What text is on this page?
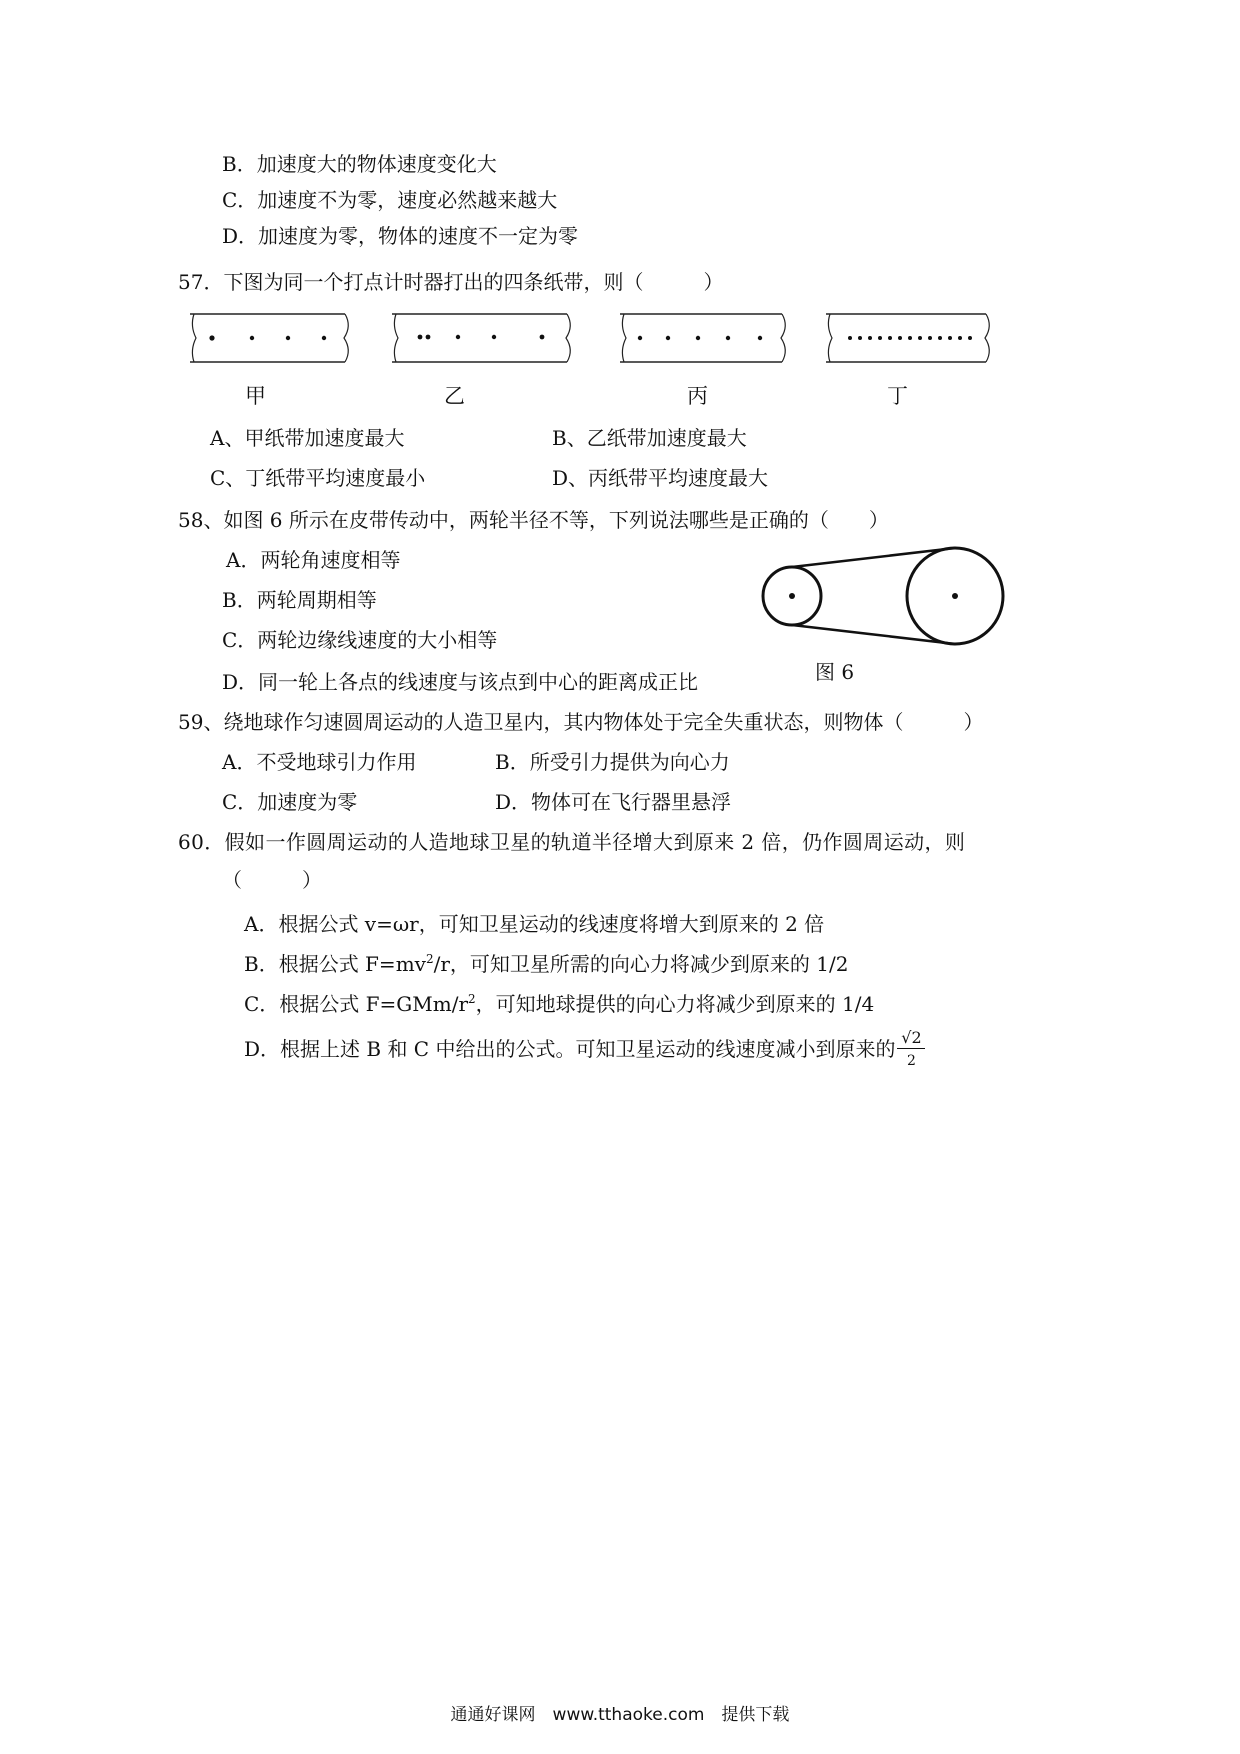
B．加速度大的物体速度变化大
C．加速度不为零，速度必然越来越大
D．加速度为零，物体的速度不一定为零
57．下图为同一个打点计时器打出的四条纸带，则（　　　）
甲	乙	丙	丁
A、甲纸带加速度最大	B、乙纸带加速度最大
C、丁纸带平均速度最小	D、丙纸带平均速度最大
58、如图 6 所示在皮带传动中，两轮半径不等，下列说法哪些是正确的（　　）
A．两轮角速度相等
B．两轮周期相等
C．两轮边缘线速度的大小相等
D．同一轮上各点的线速度与该点到中心的距离成正比	图 6
59、绕地球作匀速圆周运动的人造卫星内，其内物体处于完全失重状态，则物体（　　　）
A．不受地球引力作用	B．所受引力提供为向心力
C．加速度为零	D．物体可在飞行器里悬浮
60．假如一作圆周运动的人造地球卫星的轨道半径增大到原来 2 倍，仍作圆周运动，则
（　　　）
A．根据公式 v=ωr，可知卫星运动的线速度将增大到原来的 2 倍
B．根据公式 $F=mv^2/r$，可知卫星所需的向心力将减少到原来的 1/2
C．根据公式 $F=GMm/r^2$，可知地球提供的向心力将减少到原来的 1/4
D．根据上述 B 和 C 中给出的公式。可知卫星运动的线速度减小到原来的 $\frac{√2}{2}$
通通好课网　www.tthaoke.com　提供下载
